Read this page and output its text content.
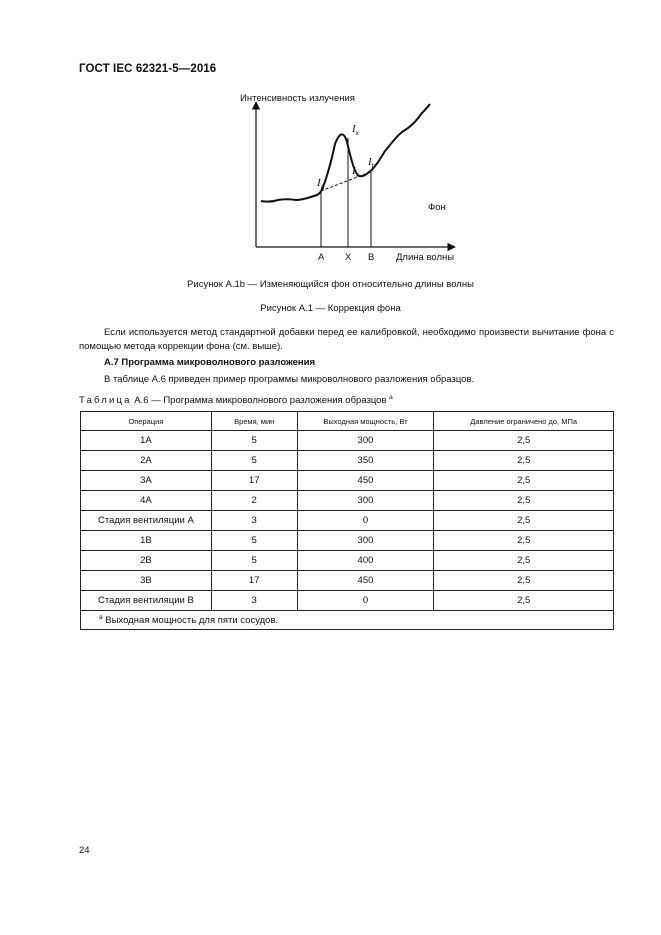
ГОСТ IEC 62321-5—2016
Интенсивность излучения
Длина волны
Фон
$I_x$
$I_x$
$I_a$
$I_b$
A X B
Рисунок А.1b — Изменяющийся фон относительно длины волны
Рисунок А.1 — Коррекция фона
Если используется метод стандартной добавки перед ее калибровкой, необходимо произвести вычитание фона с помощью метода коррекции фона (см. выше).
А.7 Программа микроволнового разложения
В таблице А.6 приведен пример программы микроволнового разложения образцов.
Таблица А.6 — Программа микроволнового разложения образцов $^а$
Операция	Время, мин	Выходная мощность, Вт	Давление ограничено до, МПа
1А	5	300	2,5
2А	5	350	2,5
3А	17	450	2,5
4А	2	300	2,5
Стадия вентиляции А	3	0	2,5
1В	5	300	2,5
2В	5	400	2,5
3В	17	450	2,5
Стадия вентиляции В	3	0	2,5
$^а$ Выходная мощность для пяти сосудов.			
24
